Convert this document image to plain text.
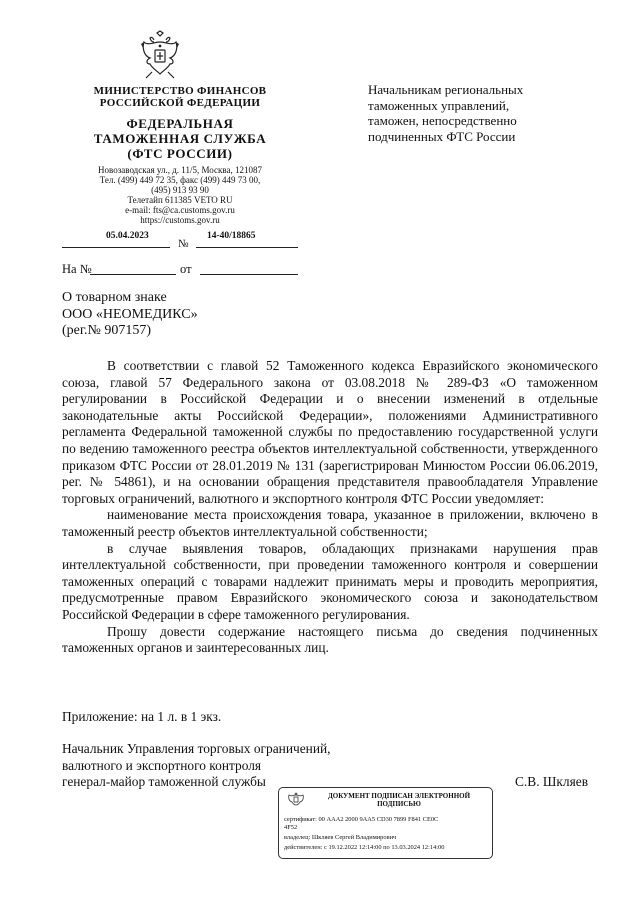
МИНИСТЕРСТВО ФИНАНСОВ
РОССИЙСКОЙ ФЕДЕРАЦИИ
ФЕДЕРАЛЬНАЯ
ТАМОЖЕННАЯ СЛУЖБА
(ФТС РОССИИ)
Новозаводская ул., д. 11/5, Москва, 121087
Тел. (499) 449 72 35, факс (499) 449 73 00,
(495) 913 93 90
Телетайп 611385 VETO RU
e-mail: fts@ca.customs.gov.ru
https://customs.gov.ru
05.04.2023
№
14-40/18865
На №	от
Начальникам региональных
таможенных управлений,
таможен, непосредственно
подчиненных ФТС России
О товарном знаке
ООО «НЕОМЕДИКС»
(рег.№ 907157)

В соответствии с главой 52 Таможенного кодекса Евразийского экономического союза, главой 57 Федерального закона от 03.08.2018 № 289-ФЗ «О таможенном регулировании в Российской Федерации и о внесении изменений в отдельные законодательные акты Российской Федерации», положениями Административного регламента Федеральной таможенной службы по предоставлению государственной услуги по ведению таможенного реестра объектов интеллектуальной собственности, утвержденного приказом ФТС России от 28.01.2019 № 131 (зарегистрирован Минюстом России 06.06.2019, рег. № 54861), и на основании обращения представителя правообладателя Управление торговых ограничений, валютного и экспортного контроля ФТС России уведомляет:

наименование места происхождения товара, указанное в приложении, включено в таможенный реестр объектов интеллектуальной собственности;

в случае выявления товаров, обладающих признаками нарушения прав интеллектуальной собственности, при проведении таможенного контроля и совершении таможенных операций с товарами надлежит принимать меры и проводить мероприятия, предусмотренные правом Евразийского экономического союза и законодательством Российской Федерации в сфере таможенного регулирования.

Прошу довести содержание настоящего письма до сведения подчиненных таможенных органов и заинтересованных лиц.

Приложение: на 1 л. в 1 экз.
Начальник Управления торговых ограничений,
валютного и экспортного контроля
генерал-майор таможенной службы	С.В. Шкляев
ДОКУМЕНТ ПОДПИСАН ЭЛЕКТРОННОЙ
ПОДПИСЬЮ
сертификат: 00 AAA2 2000 9AA5 CD30 7899 F841 CE0C
4F52
владелец: Шкляев Сергей Владимирович
действителен: с 19.12.2022 12:14:00 по 13.03.2024 12:14:00
